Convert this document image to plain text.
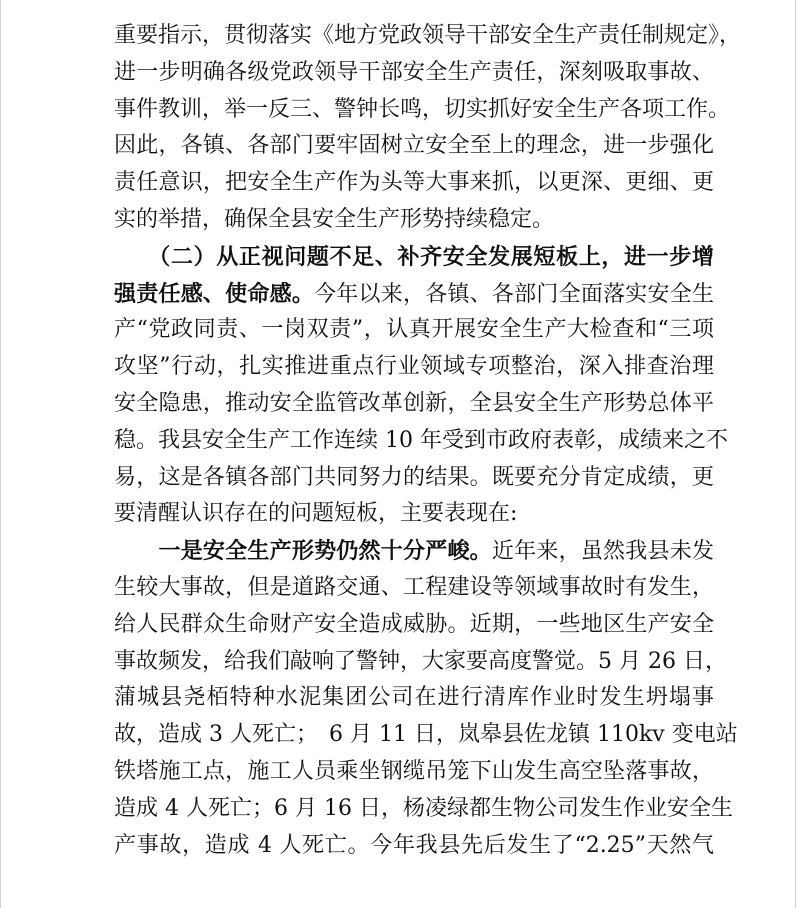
重要指示，贯彻落实《地方党政领导干部安全生产责任制规定》，
进一步明确各级党政领导干部安全生产责任，深刻吸取事故、
事件教训，举一反三、警钟长鸣，切实抓好安全生产各项工作。
因此，各镇、各部门要牢固树立安全至上的理念，进一步强化
责任意识，把安全生产作为头等大事来抓，以更深、更细、更
实的举措，确保全县安全生产形势持续稳定。
　　（二）从正视问题不足、补齐安全发展短板上，进一步增
强责任感、使命感。今年以来，各镇、各部门全面落实安全生
产“党政同责、一岗双责”，认真开展安全生产大检查和“三项
攻坚”行动，扎实推进重点行业领域专项整治，深入排查治理
安全隐患，推动安全监管改革创新，全县安全生产形势总体平
稳。我县安全生产工作连续 10 年受到市政府表彰，成绩来之不
易，这是各镇各部门共同努力的结果。既要充分肯定成绩，更
要清醒认识存在的问题短板，主要表现在:
　　一是安全生产形势仍然十分严峻。近年来，虽然我县未发
生较大事故，但是道路交通、工程建设等领域事故时有发生，
给人民群众生命财产安全造成威胁。近期，一些地区生产安全
事故频发，给我们敲响了警钟，大家要高度警觉。5 月 26 日，
蒲城县尧栢特种水泥集团公司在进行清库作业时发生坍塌事
故，造成 3 人死亡；　6 月 11 日，岚皋县佐龙镇 110kv 变电站
铁塔施工点，施工人员乘坐钢缆吊笼下山发生高空坠落事故，
造成 4 人死亡；6 月 16 日，杨凌绿都生物公司发生作业安全生
产事故，造成 4 人死亡。今年我县先后发生了“2.25”天然气
